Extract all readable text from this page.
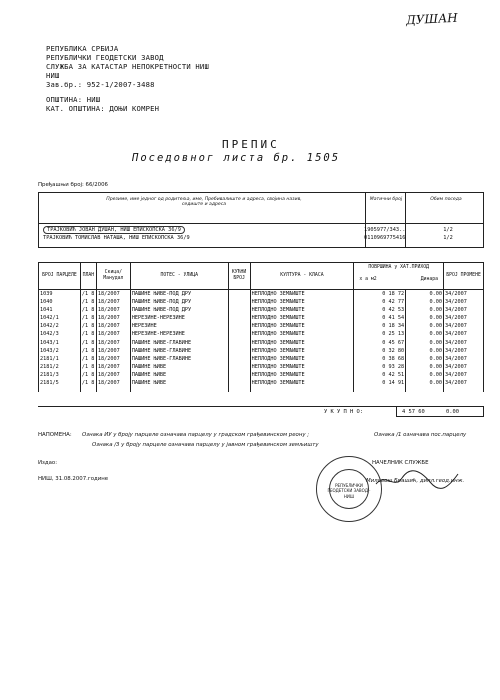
ДУШАН
РЕПУБЛИКА СРБИЈА
РЕПУБЛИЧКИ ГЕОДЕТСКИ ЗАВОД
СЛУЖБА ЗА КАТАСТАР НЕПОКРЕТНОСТИ НИШ
НИШ
Зав.бр.: 952-1/2007-3488
ОПШТИНА: НИШ
КАТ. ОПШТИНА: ДОЊИ КОМРЕН
ПРЕПИС
Поседовног листа бр. 1505
Пређашњи број: 66/2006
Презиме, име једног од родитеља, име, Пребивалиште и адреса, својина назив, седиште и адреса
Матични број	Обим поседа
ТРАЈКОВИЋ ЈОВАН ДУШАН, НИШ ЕПИСКОПСКА 36/9	1905977/343..	1/2
ТРАЈКОВИЋ ТОМИСЛАВ НАТАША, НИШ ЕПИСКОПСКА 36/9	0110969775416	1/2
БРОЈ ПАРЦЕЛЕ	ПЛАН	Скица/ Манудал	ПОТЕС - УЛИЦА	КУЋНИ БРОЈ	КУЛТУРА - КЛАСА	ПОВРШИНА у ХАТ.ПРИХОД
х а м2 Динара		БРОЈ ПРОМЕНЕ
1039	/1 8	18/2007	ПАШИНЕ ЊИВЕ-ПОД ДРУ		НЕПЛОДНО ЗЕМЉИШТЕ	0 18 72	0.00	34/2007
1040	/1 8	18/2007	ПАШИНЕ ЊИВЕ-ПОД ДРУ		НЕПЛОДНО ЗЕМЉИШТЕ	0 42 77	0.00	34/2007
1041	/1 8	18/2007	ПАШИНЕ ЊИВЕ-ПОД ДРУ		НЕПЛОДНО ЗЕМЉИШТЕ	0 42 53	0.00	34/2007
1042/1	/1 8	18/2007	НЕРЕЗИНЕ-НЕРЕЗИНЕ		НЕПЛОДНО ЗЕМЉИШТЕ	0 41 54	0.00	34/2007
1042/2	/1 8	18/2007	НЕРЕЗИНЕ		НЕПЛОДНО ЗЕМЉИШТЕ	0 18 34	0.00	34/2007
1042/3	/1 8	18/2007	НЕРЕЗИНЕ-НЕРЕЗИНЕ		НЕПЛОДНО ЗЕМЉИШТЕ	0 25 13	0.00	34/2007
1043/1	/1 8	18/2007	ПАШИНЕ ЊИВЕ-ГЛАВИНЕ		НЕПЛОДНО ЗЕМЉИШТЕ	0 45 67	0.00	34/2007
1043/2	/1 8	18/2007	ПАШИНЕ ЊИВЕ-ГЛАВИНЕ		НЕПЛОДНО ЗЕМЉИШТЕ	0 32 80	0.00	34/2007
2181/1	/1 8	18/2007	ПАШИНЕ ЊИВЕ-ГЛАВИНЕ		НЕПЛОДНО ЗЕМЉИШТЕ	0 38 68	0.00	34/2007
2181/2	/1 8	18/2007	ПАШИНЕ ЊИВЕ		НЕПЛОДНО ЗЕМЉИШТЕ	0 93 28	0.00	34/2007
2181/3	/1 8	18/2007	ПАШИНЕ ЊИВЕ		НЕПЛОДНО ЗЕМЉИШТЕ	0 42 51	0.00	34/2007
2181/5	/1 8	18/2007	ПАШИНЕ ЊИВЕ		НЕПЛОДНО ЗЕМЉИШТЕ	0 14 91	0.00	34/2007

У К У П Н О:	4 57 60	0.00
НАПОМЕНА: Ознака ИУ у броју парцеле означава парцелу у градском грађевинском реону ;	Ознака /1 означава пос.парцелу
Ознака /3 у броју парцеле означава парцелу у јавном грађевинском земљишту
Издао:
НИШ, 31.08.2007.године
НАЧЕЛНИК СЛУЖБЕ
Миловош Брашић, дипл.геод.инж.
РЕПУБЛИЧКИ ГЕОДЕТСКИ ЗАВОД · НИШ
